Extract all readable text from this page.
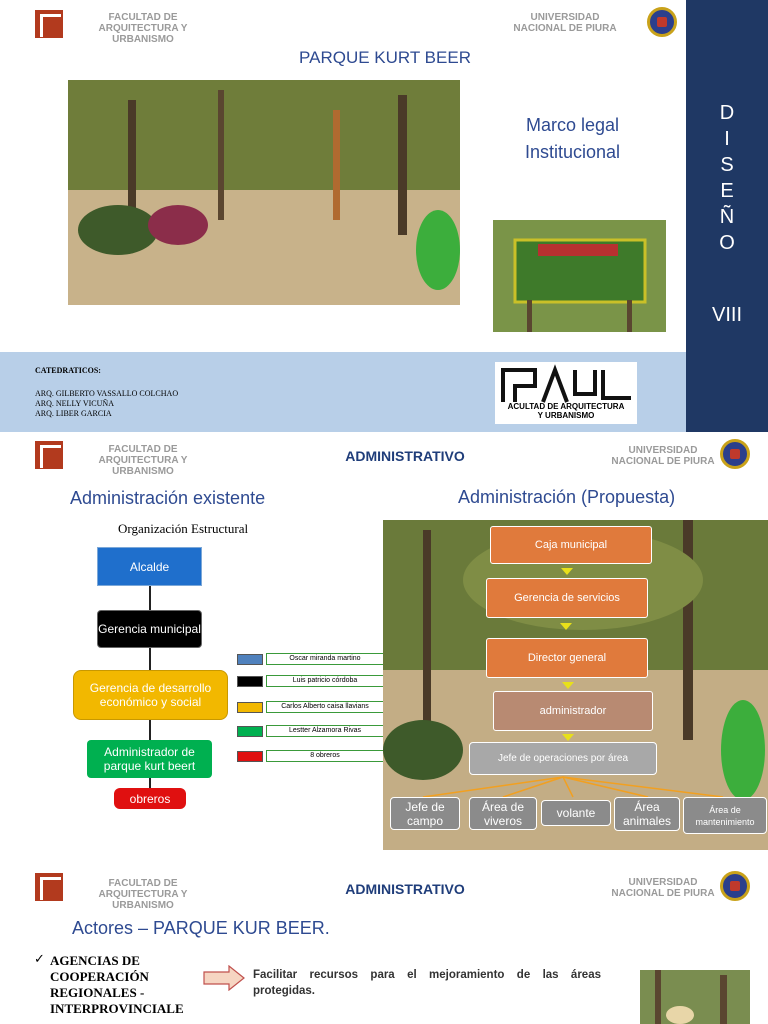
FACULTAD DE ARQUITECTURA Y
URBANISMO
UNIVERSIDAD
NACIONAL DE PIURA
PARQUE KURT BEER
Marco legal
Institucional
D
I
S
E
Ñ
O
VIII
CATEDRATICOS:
ARQ. GILBERTO VASSALLO COLCHAO
ARQ. NELLY VICUÑA
ARQ. LIBER GARCIA
ACULTAD DE ARQUITECTURA
Y URBANISMO
FACULTAD DE ARQUITECTURA Y
URBANISMO
ADMINISTRATIVO	UNIVERSIDAD
NACIONAL DE PIURA
Administración existente	Administración (Propuesta)
Organización Estructural
Alcalde
Gerencia municipal
Gerencia de desarrollo económico y social
Administrador de parque kurt beert
obreros
Oscar miranda martino
Luis patricio córdoba
Carlos Alberto caisa llavians
Lestter Alzamora Rivas
8 obreros
Caja municipal
Gerencia de servicios
Director general
administrador
Jefe de operaciones por área
Jefe de campo
Área de viveros
volante	Área animales
Área de mantenimiento
FACULTAD DE ARQUITECTURA Y
URBANISMO
ADMINISTRATIVO	UNIVERSIDAD
NACIONAL DE PIURA
Actores – PARQUE KUR BEER.
✓ AGENCIAS DE COOPERACIÓN REGIONALES - INTERPROVINCIALE
Facilitar recursos para el mejoramiento de las áreas protegidas.
